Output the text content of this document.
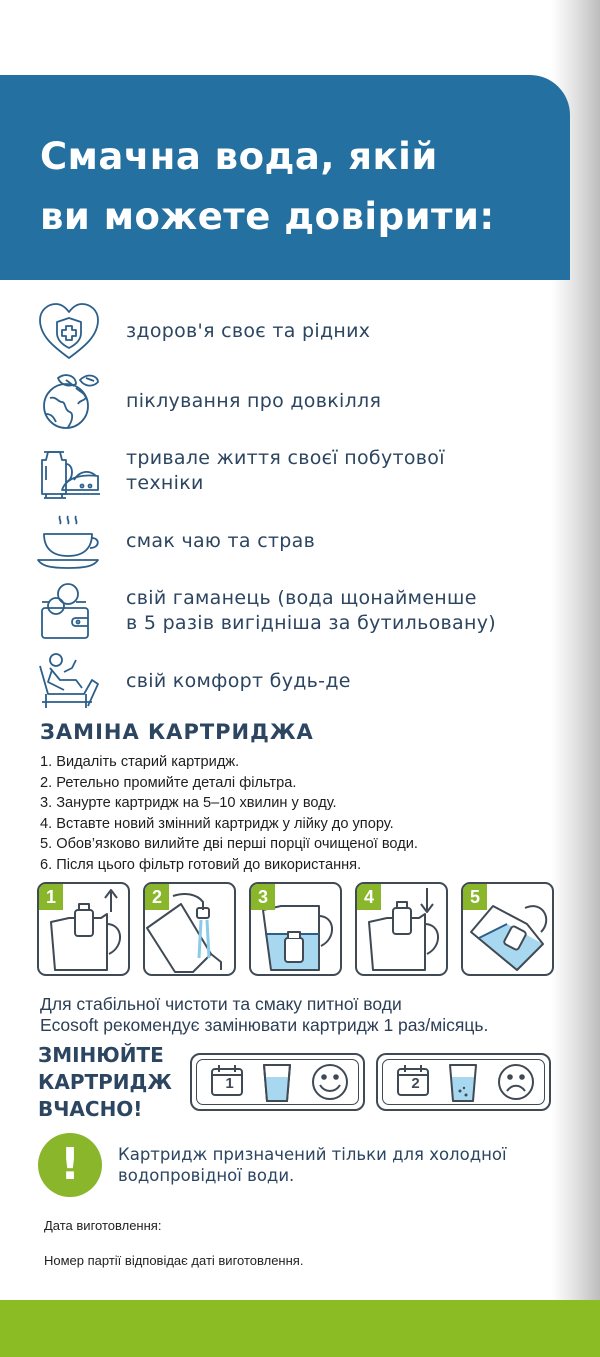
Смачна вода, якій
ви можете довірити:
здоров'я своє та рідних
піклування про довкілля
тривале життя своєї побутової
техніки
смак чаю та страв
свій гаманець (вода щонайменше
в 5 разів вигідніша за бутильовану)
свій комфорт будь-де
ЗАМІНА КАРТРИДЖА
1. Видаліть старий картридж.
2. Ретельно промийте деталі фільтра.
3. Занурте картридж на 5–10 хвилин у воду.
4. Вставте новий змінний картридж у лійку до упору.
5. Обов’язково вилийте дві перші порції очищеної води.
6. Після цього фільтр готовий до використання.
1	2	3	4	5
Для стабільної чистоти та смаку питної води
Ecosoft рекомендує замінювати картридж 1 раз/місяць.
ЗМІНЮЙТЕ
КАРТРИДЖ
ВЧАСНО!
1	2
!	Картридж призначений тільки для холодної
водопровідної води.
Дата виготовлення:
Номер партії відповідає даті виготовлення.
